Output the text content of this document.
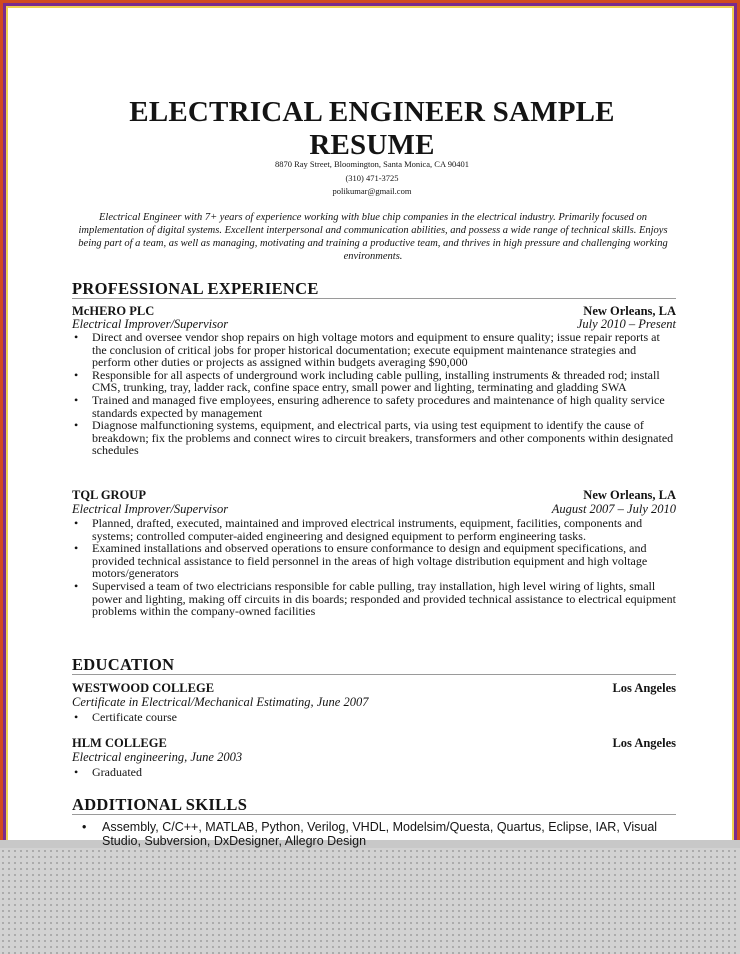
ELECTRICAL ENGINEER SAMPLE
RESUME
8870 Ray Street, Bloomington, Santa Monica, CA 90401
(310) 471-3725
polikumar@gmail.com
Electrical Engineer with 7+ years of experience working with blue chip companies in the electrical industry. Primarily focused on implementation of digital systems. Excellent interpersonal and communication abilities, and possess a wide range of technical skills. Enjoys being part of a team, as well as managing, motivating and training a productive team, and thrives in high pressure and challenging working environments.
PROFESSIONAL EXPERIENCE
McHERO PLC	New Orleans, LA
Electrical Improver/Supervisor	July 2010 – Present
• Direct and oversee vendor shop repairs on high voltage motors and equipment to ensure quality; issue repair reports at the conclusion of critical jobs for proper historical documentation; execute equipment maintenance strategies and perform other duties or projects as assigned within budgets averaging $90,000
• Responsible for all aspects of underground work including cable pulling, installing instruments & threaded rod; install CMS, trunking, tray, ladder rack, confine space entry, small power and lighting, terminating and gladding SWA
• Trained and managed five employees, ensuring adherence to safety procedures and maintenance of high quality service standards expected by management
• Diagnose malfunctioning systems, equipment, and electrical parts, via using test equipment to identify the cause of breakdown; fix the problems and connect wires to circuit breakers, transformers and other components within designated schedules
TQL GROUP	New Orleans, LA
Electrical Improver/Supervisor	August 2007 – July 2010
• Planned, drafted, executed, maintained and improved electrical instruments, equipment, facilities, components and systems; controlled computer-aided engineering and designed equipment to perform engineering tasks.
• Examined installations and observed operations to ensure conformance to design and equipment specifications, and provided technical assistance to field personnel in the areas of high voltage distribution equipment and high voltage motors/generators
• Supervised a team of two electricians responsible for cable pulling, tray installation, high level wiring of lights, small power and lighting, making off circuits in dis boards; responded and provided technical assistance to electrical equipment problems within the company-owned facilities
EDUCATION
WESTWOOD COLLEGE	Los Angeles
Certificate in Electrical/Mechanical Estimating, June 2007
• Certificate course
HLM COLLEGE	Los Angeles
Electrical engineering, June 2003
• Graduated
ADDITIONAL SKILLS
• Assembly, C/C++, MATLAB, Python, Verilog, VHDL, Modelsim/Questa, Quartus, Eclipse, IAR, Visual Studio, Subversion, DxDesigner, Allegro Design
